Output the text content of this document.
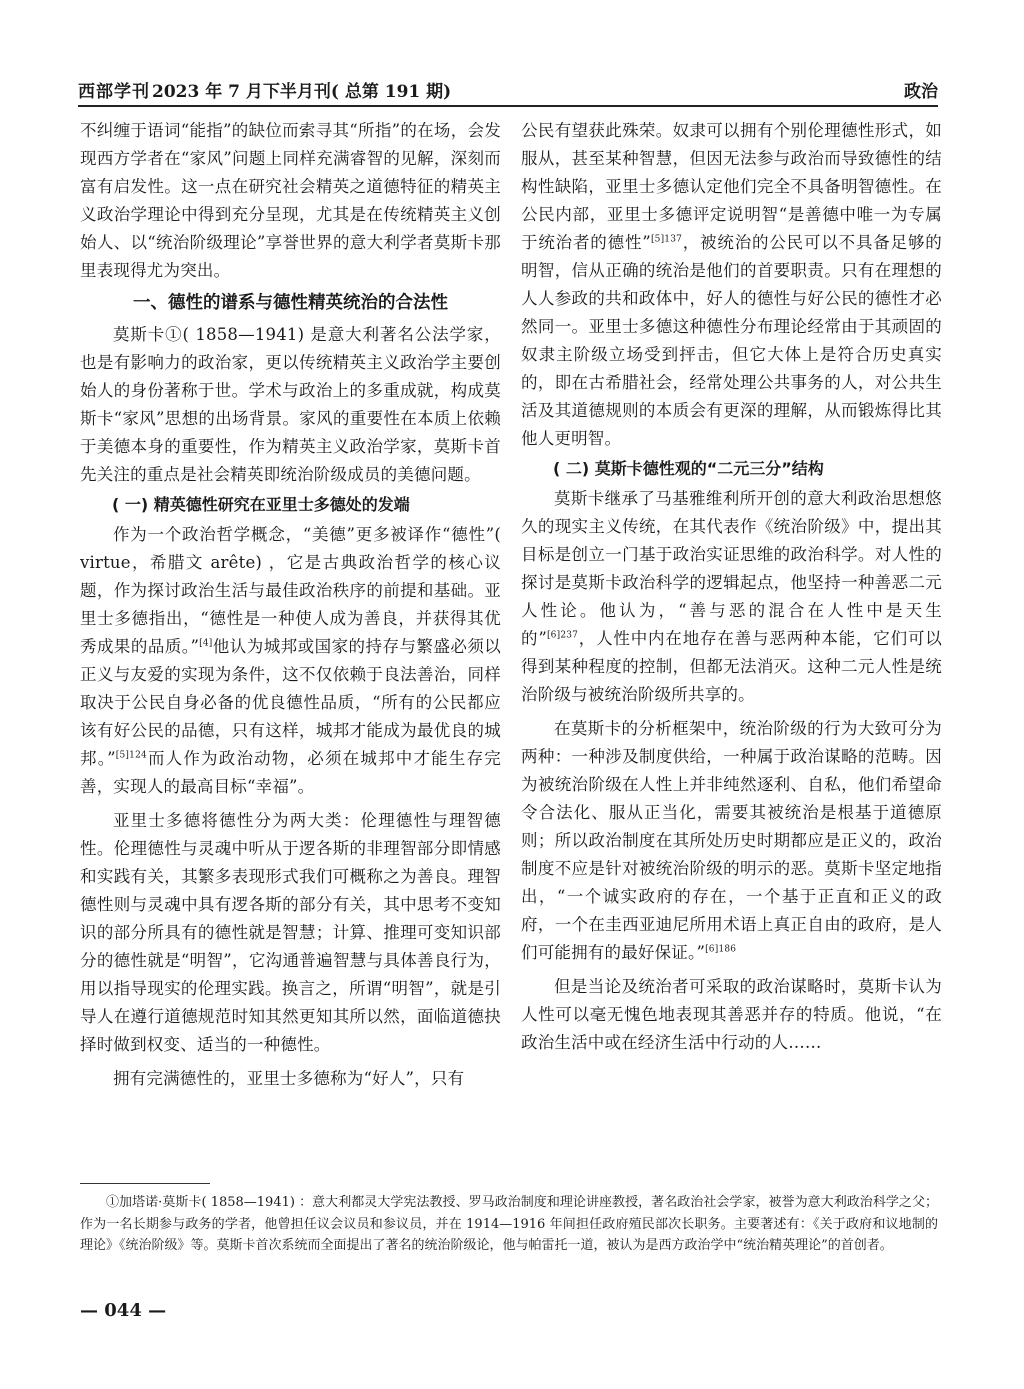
西部学刊 2023 年 7 月下半月刊( 总第 191 期)	政治

不纠缠于语词“能指”的缺位而索寻其“所指”的在场，会发现西方学者在“家风”问题上同样充满睿智的见解，深刻而富有启发性。这一点在研究社会精英之道德特征的精英主义政治学理论中得到充分呈现，尤其是在传统精英主义创始人、以“统治阶级理论”享誉世界的意大利学者莫斯卡那里表现得尤为突出。

一、德性的谱系与德性精英统治的合法性

莫斯卡①( 1858—1941) 是意大利著名公法学家，也是有影响力的政治家，更以传统精英主义政治学主要创始人的身份著称于世。学术与政治上的多重成就，构成莫斯卡“家风”思想的出场背景。家风的重要性在本质上依赖于美德本身的重要性，作为精英主义政治学家，莫斯卡首先关注的重点是社会精英即统治阶级成员的美德问题。

( 一) 精英德性研究在亚里士多德处的发端

作为一个政治哲学概念，“美德”更多被译作“德性”( virtue，希腊文 arête) ，它是古典政治哲学的核心议题，作为探讨政治生活与最佳政治秩序的前提和基础。亚里士多德指出，“德性是一种使人成为善良，并获得其优秀成果的品质。”[4]他认为城邦或国家的持存与繁盛必须以正义与友爱的实现为条件，这不仅依赖于良法善治，同样取决于公民自身必备的优良德性品质，“所有的公民都应该有好公民的品德，只有这样，城邦才能成为最优良的城邦。”$^{[5]124}$而人作为政治动物，必须在城邦中才能生存完善，实现人的最高目标“幸福”。

亚里士多德将德性分为两大类：伦理德性与理智德性。伦理德性与灵魂中听从于逻各斯的非理智部分即情感和实践有关，其繁多表现形式我们可概称之为善良。理智德性则与灵魂中具有逻各斯的部分有关，其中思考不变知识的部分所具有的德性就是智慧；计算、推理可变知识部分的德性就是“明智”，它沟通普遍智慧与具体善良行为，用以指导现实的伦理实践。换言之，所谓“明智”，就是引导人在遵行道德规范时知其然更知其所以然，面临道德抉择时做到权变、适当的一种德性。

拥有完满德性的，亚里士多德称为“好人”，只有

公民有望获此殊荣。奴隶可以拥有个别伦理德性形式，如服从，甚至某种智慧，但因无法参与政治而导致德性的结构性缺陷，亚里士多德认定他们完全不具备明智德性。在公民内部，亚里士多德评定说明智“是善德中唯一为专属于统治者的德性”$^{[5]137}$，被统治的公民可以不具备足够的明智，信从正确的统治是他们的首要职责。只有在理想的人人参政的共和政体中，好人的德性与好公民的德性才必然同一。亚里士多德这种德性分布理论经常由于其顽固的奴隶主阶级立场受到抨击，但它大体上是符合历史真实的，即在古希腊社会，经常处理公共事务的人，对公共生活及其道德规则的本质会有更深的理解，从而锻炼得比其他人更明智。

( 二) 莫斯卡德性观的“二元三分”结构

莫斯卡继承了马基雅维利所开创的意大利政治思想悠久的现实主义传统，在其代表作《统治阶级》中，提出其目标是创立一门基于政治实证思维的政治科学。对人性的探讨是莫斯卡政治科学的逻辑起点，他坚持一种善恶二元人性论。他认为，“善与恶的混合在人性中是天生的”$^{[6]237}$，人性中内在地存在善与恶两种本能，它们可以得到某种程度的控制，但都无法消灭。这种二元人性是统治阶级与被统治阶级所共享的。

在莫斯卡的分析框架中，统治阶级的行为大致可分为两种：一种涉及制度供给，一种属于政治谋略的范畴。因为被统治阶级在人性上并非纯然逐利、自私，他们希望命令合法化、服从正当化，需要其被统治是根基于道德原则；所以政治制度在其所处历史时期都应是正义的，政治制度不应是针对被统治阶级的明示的恶。莫斯卡坚定地指出，“一个诚实政府的存在，一个基于正直和正义的政府，一个在圭西亚迪尼所用术语上真正自由的政府，是人们可能拥有的最好保证。”$^{[6]186}$

但是当论及统治者可采取的政治谋略时，莫斯卡认为人性可以毫无愧色地表现其善恶并存的特质。他说，“在政治生活中或在经济生活中行动的人……

①加塔诺·莫斯卡( 1858—1941) ：意大利都灵大学宪法教授、罗马政治制度和理论讲座教授，著名政治社会学家，被誉为意大利政治科学之父；作为一名长期参与政务的学者，他曾担任议会议员和参议员，并在 1914—1916 年间担任政府殖民部次长职务。主要著述有：《关于政府和议地制的理论》《统治阶级》等。莫斯卡首次系统而全面提出了著名的统治阶级论，他与帕雷托一道，被认为是西方政治学中“统治精英理论”的首创者。
— 044 —
